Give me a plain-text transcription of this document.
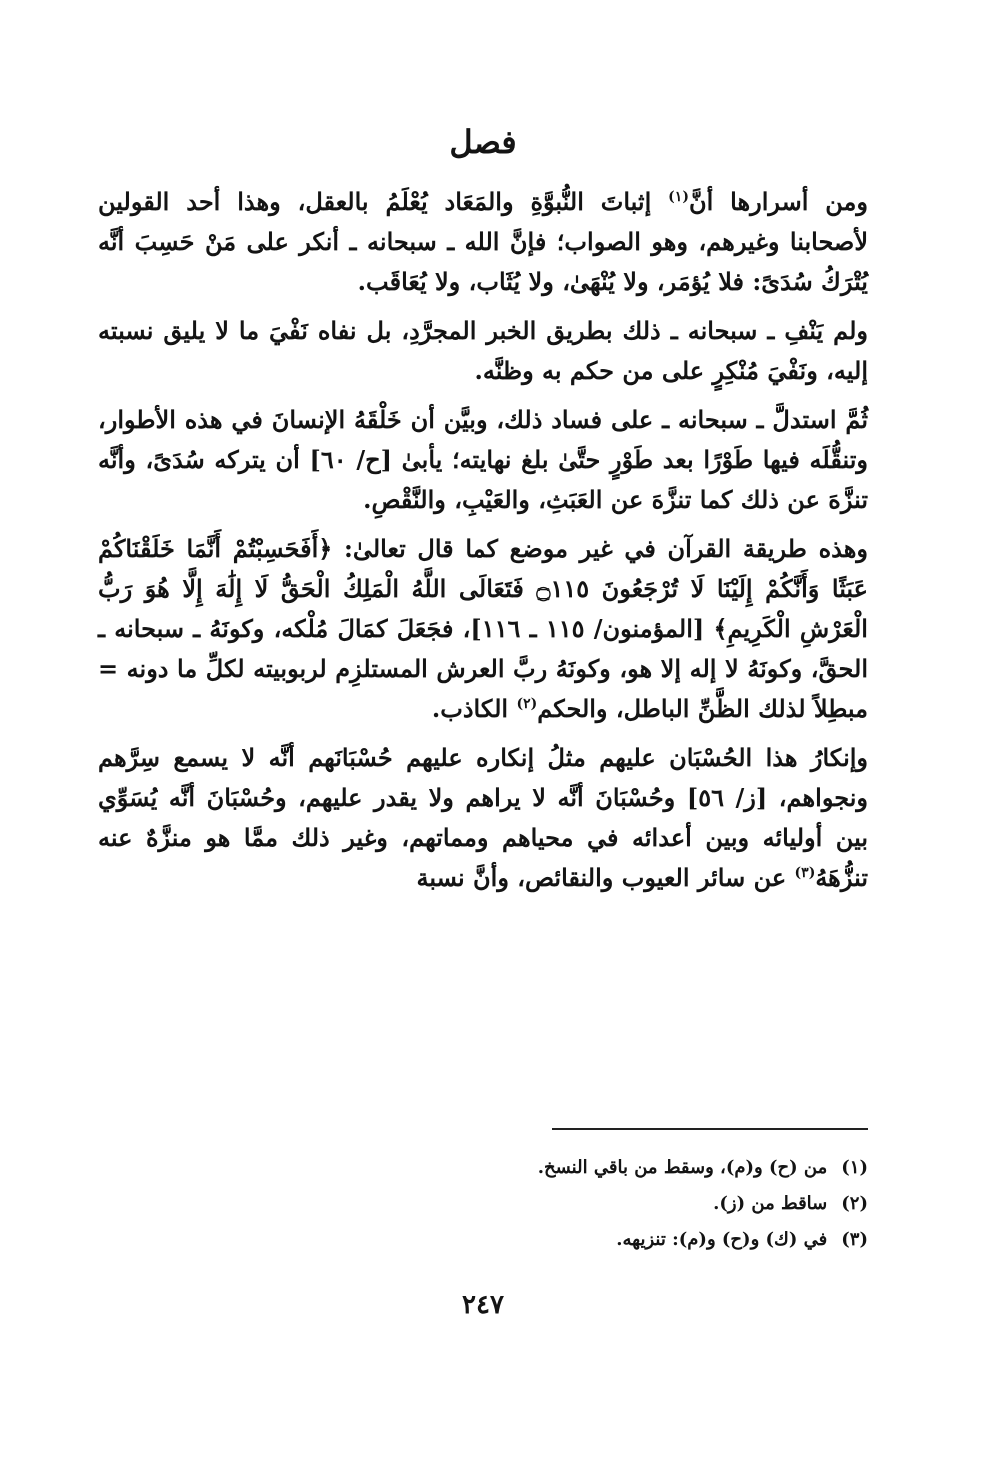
فصل

ومن أسرارها أنَّ$^{(١)}$ إثباتَ النُّبوَّةِ والمَعَاد يُعْلَمُ بالعقل، وهذا أحد القولين لأصحابنا وغيرهم، وهو الصواب؛ فإنَّ الله ـ سبحانه ـ أنكر على مَنْ حَسِبَ أنَّه يُتْرَكُ سُدَىً: فلا يُؤمَر، ولا يُنْهَىٰ، ولا يُثَاب، ولا يُعَاقَب.

ولم يَنْفِ ـ سبحانه ـ ذلك بطريق الخبر المجرَّدِ، بل نفاه نَفْيَ ما لا يليق نسبته إليه، ونَفْيَ مُنْكِرٍ على من حكم به وظنَّه.

ثُمَّ استدلَّ ـ سبحانه ـ على فساد ذلك، وبيَّن أن خَلْقَهُ الإنسانَ في هذه الأطوار، وتنقُّلَه فيها طَوْرًا بعد طَوْرٍ حتَّىٰ بلغ نهايته؛ يأبىٰ [ح/ ٦٠] أن يتركه سُدَىً، وأنَّه تنزَّهَ عن ذلك كما تنزَّهَ عن العَبَثِ، والعَيْبِ، والنَّقْصِ.

وهذه طريقة القرآن في غير موضع كما قال تعالىٰ: ﴿أَفَحَسِبْتُمْ أَنَّمَا خَلَقْنَاكُمْ عَبَثًا وَأَنَّكُمْ إِلَيْنَا لَا تُرْجَعُونَ ۝١١٥ فَتَعَالَى اللَّهُ الْمَلِكُ الْحَقُّ لَا إِلَٰهَ إِلَّا هُوَ رَبُّ الْعَرْشِ الْكَرِيمِ﴾ [المؤمنون/ ١١٥ ـ ١١٦]، فجَعَلَ كمَالَ مُلْكه، وكونَهُ ـ سبحانه ـ الحقَّ، وكونَهُ لا إله إلا هو، وكونَهُ ربَّ العرش المستلزِم لربوبيته لكلِّ ما دونه = مبطِلاً لذلك الظَّنِّ الباطل، والحكم$^{(٢)}$ الكاذب.

وإنكارُ هذا الحُسْبَان عليهم مثلُ إنكاره عليهم حُسْبَانَهم أنَّه لا يسمع سِرَّهم ونجواهم، [ز/ ٥٦] وحُسْبَانَ أنَّه لا يراهم ولا يقدر عليهم، وحُسْبَانَ أنَّه يُسَوِّي بين أوليائه وبين أعدائه في محياهم ومماتهم، وغير ذلك ممَّا هو منزَّهٌ عنه تنزُّهَهُ$^{(٣)}$ عن سائر العيوب والنقائص، وأنَّ نسبة

(١)
من (ح) و(م)، وسقط من باقي النسخ.
(٢)
ساقط من (ز).
(٣)
في (ك) و(ح) و(م): تنزيهه.
٢٤٧
